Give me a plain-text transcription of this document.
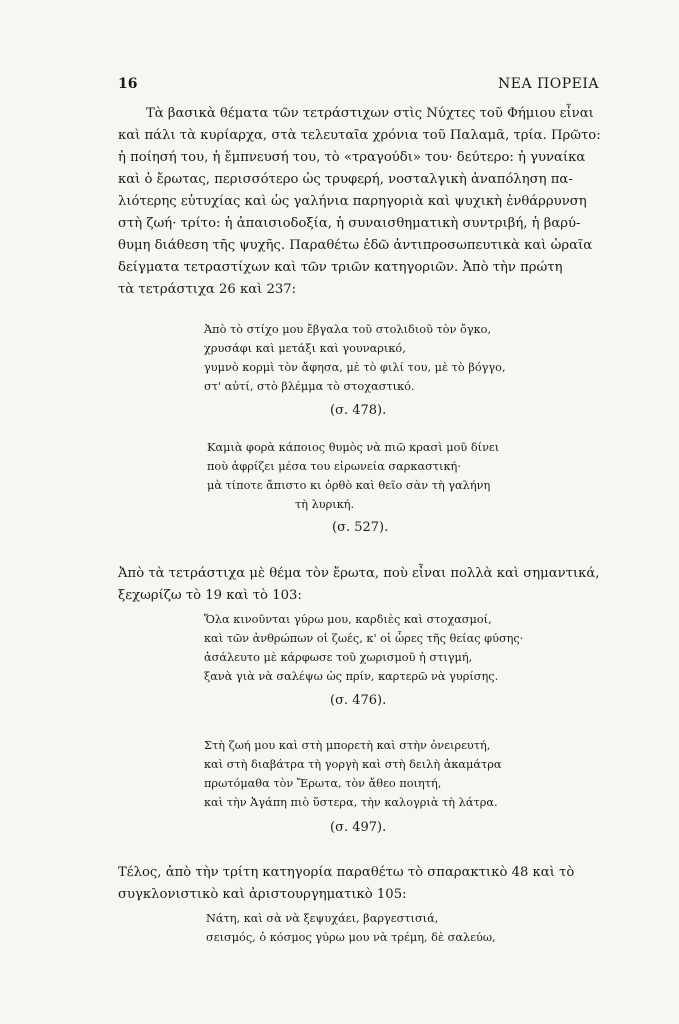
16	ΝΕΑ ΠΟΡΕΙΑ

Τὰ βασικὰ θέματα τῶν τετράστιχων στὶς Νύχτες τοῦ Φήμιου εἶναι
καὶ πάλι τὰ κυρίαρχα, στὰ τελευταῖα χρόνια τοῦ Παλαμᾶ, τρία. Πρῶτο:
ἡ ποίησή του, ἡ ἔμπνευσή του, τὸ «τραγούδι» του· δεύτερο: ἡ γυναίκα
καὶ ὁ ἔρωτας, περισσότερο ὡς τρυφερή, νοσταλγικὴ ἀναπόληση πα-
λιότερης εὐτυχίας καὶ ὡς γαλήνια παρηγοριὰ καὶ ψυχικὴ ἐνθάρρυνση
στὴ ζωή· τρίτο: ἡ ἀπαισιοδοξία, ἡ συναισθηματικὴ συντριβή, ἡ βαρύ-
θυμη διάθεση τῆς ψυχῆς. Παραθέτω ἐδῶ ἀντιπροσωπευτικὰ καὶ ὡραῖα
δείγματα τετραστίχων καὶ τῶν τριῶν κατηγοριῶν. Ἀπὸ τὴν πρώτη
τὰ τετράστιχα 26 καὶ 237:

Ἀπὸ τὸ στίχο μου ἔβγαλα τοῦ στολιδιοῦ τὸν ὄγκο,
χρυσάφι καὶ μετάξι καὶ γουναρικό,
γυμνὸ κορμὶ τὸν ἄφησα, μὲ τὸ φιλί του, μὲ τὸ βόγγο,
στ' αὐτί, στὸ βλέμμα τὸ στοχαστικό.

(σ. 478).

Καμιὰ φορὰ κάποιος θυμὸς νὰ πιῶ κρασὶ μοῦ δίνει
ποὺ ἀφρίζει μέσα του εἰρωνεία σαρκαστική·
μὰ τίποτε ἄπιστο κι ὀρθὸ καὶ θεῖο σὰν τὴ γαλήνη
τὴ λυρική.

(σ. 527).

Ἀπὸ τὰ τετράστιχα μὲ θέμα τὸν ἔρωτα, ποὺ εἶναι πολλὰ καὶ σημαντικά,
ξεχωρίζω τὸ 19 καὶ τὸ 103:

Ὅλα κινοῦνται γύρω μου, καρδιὲς καὶ στοχασμοί,
καὶ τῶν ἀνθρώπων οἱ ζωές, κ' οἱ ὧρες τῆς θείας φύσης·
ἀσάλευτο μὲ κάρφωσε τοῦ χωρισμοῦ ἡ στιγμή,
ξανὰ γιὰ νὰ σαλέψω ὡς πρίν, καρτερῶ νὰ γυρίσης.

(σ. 476).

Στὴ ζωή μου καὶ στὴ μπορετὴ καὶ στὴν ὀνειρευτή,
καὶ στὴ διαβάτρα τὴ γοργὴ καὶ στὴ δειλὴ ἀκαμάτρα
πρωτόμαθα τὸν Ἔρωτα, τὸν ἄθεο ποιητή,
καὶ τὴν Ἀγάπη πιὸ ὕστερα, τὴν καλογριὰ τὴ λάτρα.

(σ. 497).

Τέλος, ἀπὸ τὴν τρίτη κατηγορία παραθέτω τὸ σπαρακτικὸ 48 καὶ τὸ
συγκλονιστικὸ καὶ ἀριστουργηματικὸ 105:

Νάτη, καὶ σὰ νὰ ξεψυχάει, βαργεστισιά,
σεισμός, ὁ κόσμος γύρω μου νὰ τρέμη, δὲ σαλεύω,
